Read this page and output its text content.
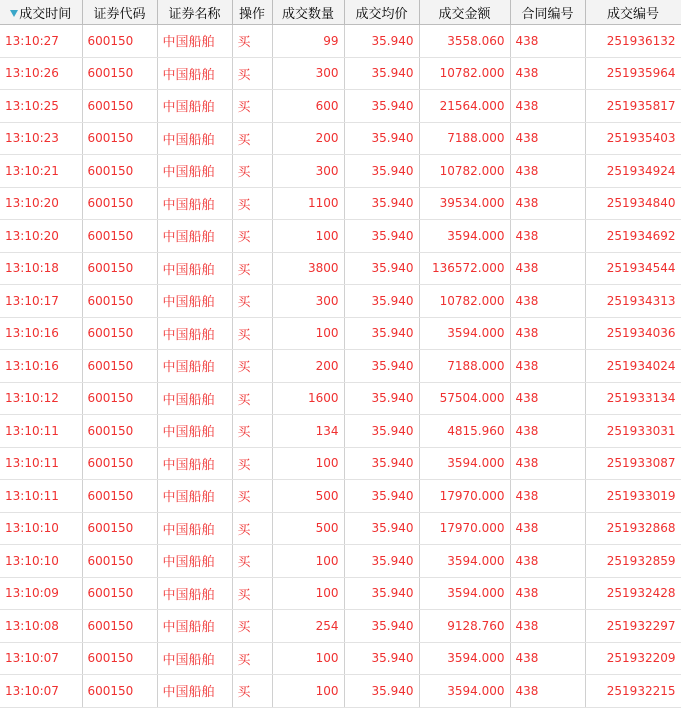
成交时间	证券代码	证券名称	操作	成交数量	成交均价	成交金额	合同编号	成交编号
13:10:27	600150	中国船舶	买	99	35.940	3558.060	438	251936132
13:10:26	600150	中国船舶	买	300	35.940	10782.000	438	251935964
13:10:25	600150	中国船舶	买	600	35.940	21564.000	438	251935817
13:10:23	600150	中国船舶	买	200	35.940	7188.000	438	251935403
13:10:21	600150	中国船舶	买	300	35.940	10782.000	438	251934924
13:10:20	600150	中国船舶	买	1100	35.940	39534.000	438	251934840
13:10:20	600150	中国船舶	买	100	35.940	3594.000	438	251934692
13:10:18	600150	中国船舶	买	3800	35.940	136572.000	438	251934544
13:10:17	600150	中国船舶	买	300	35.940	10782.000	438	251934313
13:10:16	600150	中国船舶	买	100	35.940	3594.000	438	251934036
13:10:16	600150	中国船舶	买	200	35.940	7188.000	438	251934024
13:10:12	600150	中国船舶	买	1600	35.940	57504.000	438	251933134
13:10:11	600150	中国船舶	买	134	35.940	4815.960	438	251933031
13:10:11	600150	中国船舶	买	100	35.940	3594.000	438	251933087
13:10:11	600150	中国船舶	买	500	35.940	17970.000	438	251933019
13:10:10	600150	中国船舶	买	500	35.940	17970.000	438	251932868
13:10:10	600150	中国船舶	买	100	35.940	3594.000	438	251932859
13:10:09	600150	中国船舶	买	100	35.940	3594.000	438	251932428
13:10:08	600150	中国船舶	买	254	35.940	9128.760	438	251932297
13:10:07	600150	中国船舶	买	100	35.940	3594.000	438	251932209
13:10:07	600150	中国船舶	买	100	35.940	3594.000	438	251932215
